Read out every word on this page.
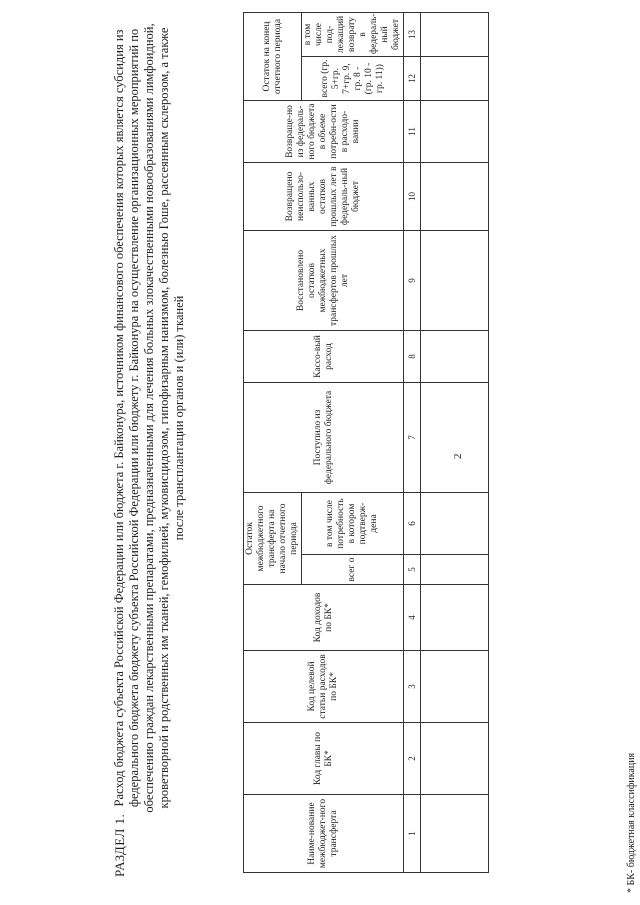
2
РАЗДЕЛ 1.
Расход бюджета субъекта Российской Федерации или бюджета г. Байконура, источником финансового обеспечения которых является субсидия из федерального бюджета бюджету субъекта Российской Федерации или бюджету г. Байконура на осуществление организационных мероприятий по обеспечению граждан лекарственными препаратами, предназначенными для лечения больных злокачественными новообразованиями лимфоидной, кроветворной и родственных им тканей, гемофилией, муковисцидозом, гипофизарным нанизмом, болезнью Гоше, рассеянным склерозом, а также после трансплантации органов и (или) тканей
Наиме-нование межбюджет-ного трансферта	Код главы по БК*	Код целевой статьи расходов по БК*	Код доходов по БК*	Остаток межбюджетного трансферта на начало отчетного периода		Поступило из федерального бюджета	Кассо-вый расход	Восстановлено остатков межбюджетных трансфертов прошлых лет	Возвращено неиспользо-ванных остатков прошлых лет в федераль-ный бюджет	Возвраще-но из федераль-ного бюджета в объеме потребн-ости в расходо-вании	Остаток на конец отчетного периода	
				всег о	в том числе потребность в котором подтверж-дена						всего (гр. 5+гр. 7+гр. 9, гр. 8 - (гр. 10 - гр. 11))	в том числе под-лежащий возврату в федераль-ный бюджет
1	2	3	4	5	6	7	8	9	10	11	12	13

* БК- бюджетная классификация
